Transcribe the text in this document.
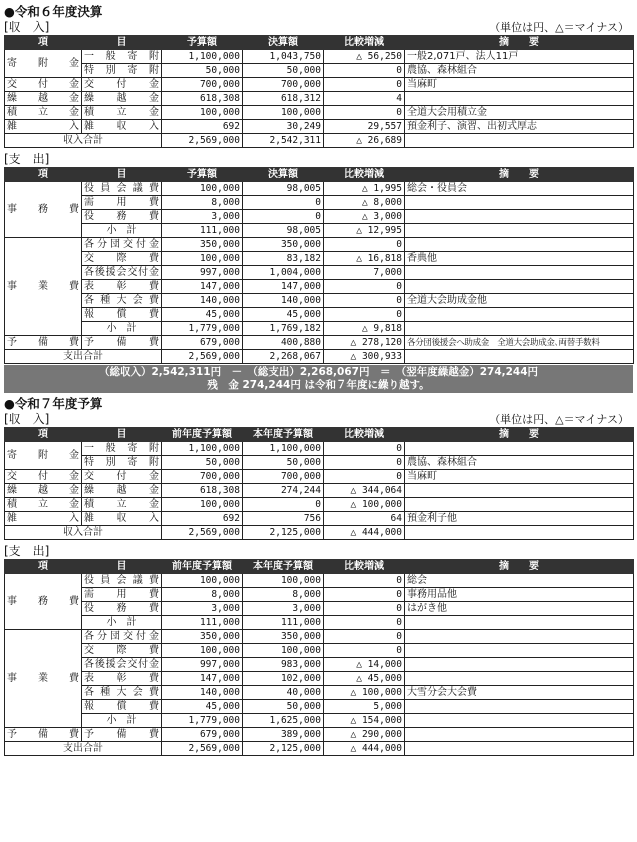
●令和６年度決算
[収　入]	（単位は円、△＝マイナス）
項	目	予算額	決算額	比較増減	摘　　要
寄　附　金	一 般 寄 附	1,100,000	1,043,750	△ 56,250	一般2,071戸、法人11戸
	特 別 寄 附	50,000	50,000	0	農協、森林組合
交　付　金	交 付 金	700,000	700,000	0	当麻町
繰　越　金	繰 越 金	618,308	618,312	4	
積　立　金	積 立 金	100,000	100,000	0	全道大会用積立金
雑　　　入	雑 収 入	692	30,249	29,557	預金利子、演習、出初式厚志
収入合計		2,569,000	2,542,311	△ 26,689	
[支　出]
項	目	予算額	決算額	比較増減	摘　　要
事　務　費	役員会議費	100,000	98,005	△ 1,995	総会・役員会
	需 用 費	8,000	0	△ 8,000	
	役 務 費	3,000	0	△ 3,000	
	小　計	111,000	98,005	△ 12,995	
事　業　費	各分団交付金	350,000	350,000	0	
	交 際 費	100,000	83,182	△ 16,818	香典他
	各後援会交付金	997,000	1,004,000	7,000	
	表 彰 費	147,000	147,000	0	
	各種大会費	140,000	140,000	0	全道大会助成金他
	報 償 費	45,000	45,000	0	
	小　計	1,779,000	1,769,182	△ 9,818	
予　備　費	予 備 費	679,000	400,880	△ 278,120	各分団後援会へ助成金　全道大会助成金､両替手数料
支出合計		2,569,000	2,268,067	△ 300,933	
（総収入）2,542,311円　－　（総支出）2,268,067円　＝　（翌年度繰越金）274,244円
残　金 274,244円 は令和７年度に繰り越す。
●令和７年度予算
[収　入]	（単位は円、△＝マイナス）
項	目	前年度予算額	本年度予算額	比較増減	摘　　要
寄　附　金	一 般 寄 附	1,100,000	1,100,000	0	
	特 別 寄 附	50,000	50,000	0	農協、森林組合
交　付　金	交 付 金	700,000	700,000	0	当麻町
繰　越　金	繰 越 金	618,308	274,244	△ 344,064	
積　立　金	積 立 金	100,000	0	△ 100,000	
雑　　　入	雑 収 入	692	756	64	預金利子他
収入合計		2,569,000	2,125,000	△ 444,000	
[支　出]
項	目	前年度予算額	本年度予算額	比較増減	摘　　要
事　務　費	役員会議費	100,000	100,000	0	総会
	需 用 費	8,000	8,000	0	事務用品他
	役 務 費	3,000	3,000	0	はがき他
	小　計	111,000	111,000	0	
事　業　費	各分団交付金	350,000	350,000	0	
	交 際 費	100,000	100,000	0	
	各後援会交付金	997,000	983,000	△ 14,000	
	表 彰 費	147,000	102,000	△ 45,000	
	各種大会費	140,000	40,000	△ 100,000	大雪分会大会費
	報 償 費	45,000	50,000	5,000	
	小　計	1,779,000	1,625,000	△ 154,000	
予　備　費	予 備 費	679,000	389,000	△ 290,000	
支出合計		2,569,000	2,125,000	△ 444,000	
